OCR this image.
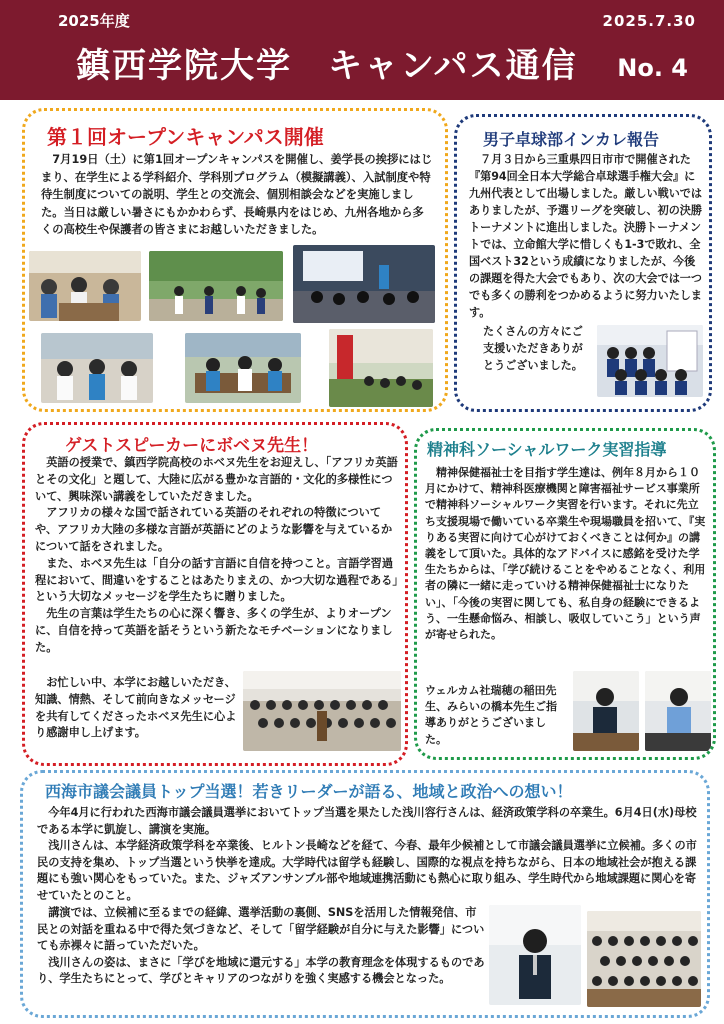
2025年度	2025.7.30
鎮西学院大学　キャンパス通信 No. 4
第１回オープンキャンパス開催

7月19日（土）に第1回オープンキャンパスを開催し、姜学長の挨拶にはじまり、在学生による学科紹介、学科別プログラム（模擬講義）、入試制度や特待生制度についての説明、学生との交流会、個別相談会などを実施しました。当日は厳しい暑さにもかかわらず、長崎県内をはじめ、九州各地から多くの高校生や保護者の皆さまにお越しいただきました。

男子卓球部インカレ報告

７月３日から三重県四日市市で開催された『第94回全日本大学総合卓球選手権大会』に九州代表として出場しました。厳しい戦いではありましたが、予選リーグを突破し、初の決勝トーナメントに進出しました。決勝トーナメントでは、立命館大学に惜しくも1-3で敗れ、全国ベスト32という成績になりましたが、今後の課題を得た大会でもあり、次の大会では一つでも多くの勝利をつかめるように努力いたします。

たくさんの方々にご支援いただきありがとうございました。
ゲストスピーカーにボベヌ先生！

英語の授業で、鎮西学院高校のホベヌ先生をお迎えし、「アフリカ英語とその文化」と題して、大陸に広がる豊かな言語的・文化的多様性について、興味深い講義をしていただきました。

アフリカの様々な国で話されている英語のそれぞれの特徴についてや、アフリカ大陸の多様な言語が英語にどのような影響を与えているかについて話をされました。

また、ホベヌ先生は「自分の話す言語に自信を持つこと。言語学習過程において、間違いをすることはあたりまえの、かつ大切な過程である」という大切なメッセージを学生たちに贈りました。

先生の言葉は学生たちの心に深く響き、多くの学生が、よりオープンに、自信を持って英語を話そうという新たなモチベーションになりました。

お忙しい中、本学にお越しいただき、知識、情熱、そして前向きなメッセージを共有してくださったホベヌ先生に心より感謝申し上げます。
精神科ソーシャルワーク実習指導

精神保健福祉士を目指す学生達は、例年８月から１０月にかけて、精神科医療機関と障害福祉サービス事業所で精神科ソーシャルワーク実習を行います。それに先立ち支援現場で働いている卒業生や現場職員を招いて、『実りある実習に向けて心がけておくべきことは何か』の講義をして頂いた。具体的なアドバイスに感銘を受けた学生たちからは、「学び続けることをやめることなく、利用者の隣に一緒に走っていける精神保健福祉士になりたい」、「今後の実習に関しても、私自身の経験にできるよう、一生懸命悩み、相談し、吸収していこう」という声が寄せられた。

ウェルカム社瑞穂の稲田先生、みらいの橋本先生ご指導ありがとうございました。
西海市議会議員トップ当選！若きリーダーが語る、地域と政治への想い！

今年4月に行われた西海市議会議員選挙においてトップ当選を果たした浅川容行さんは、経済政策学科の卒業生。6月4日(水)母校である本学に凱旋し、講演を実施。

浅川さんは、本学経済政策学科を卒業後、ヒルトン長崎などを経て、今春、最年少候補として市議会議員選挙に立候補。多くの市民の支持を集め、トップ当選という快挙を達成。大学時代は留学も経験し、国際的な視点を持ちながら、日本の地域社会が抱える課題にも強い関心をもっていた。また、ジャズアンサンブル部や地域連携活動にも熱心に取り組み、学生時代から地域課題に関心を寄せていたとのこと。

講演では、立候補に至るまでの経緯、選挙活動の裏側、SNSを活用した情報発信、市民との対話を重ねる中で得た気づきなど、そして「留学経験が自分に与えた影響」についても赤裸々に語っていただいた。

浅川さんの姿は、まさに「学びを地域に還元する」本学の教育理念を体現するものであり、学生たちにとって、学びとキャリアのつながりを強く実感する機会となった。
